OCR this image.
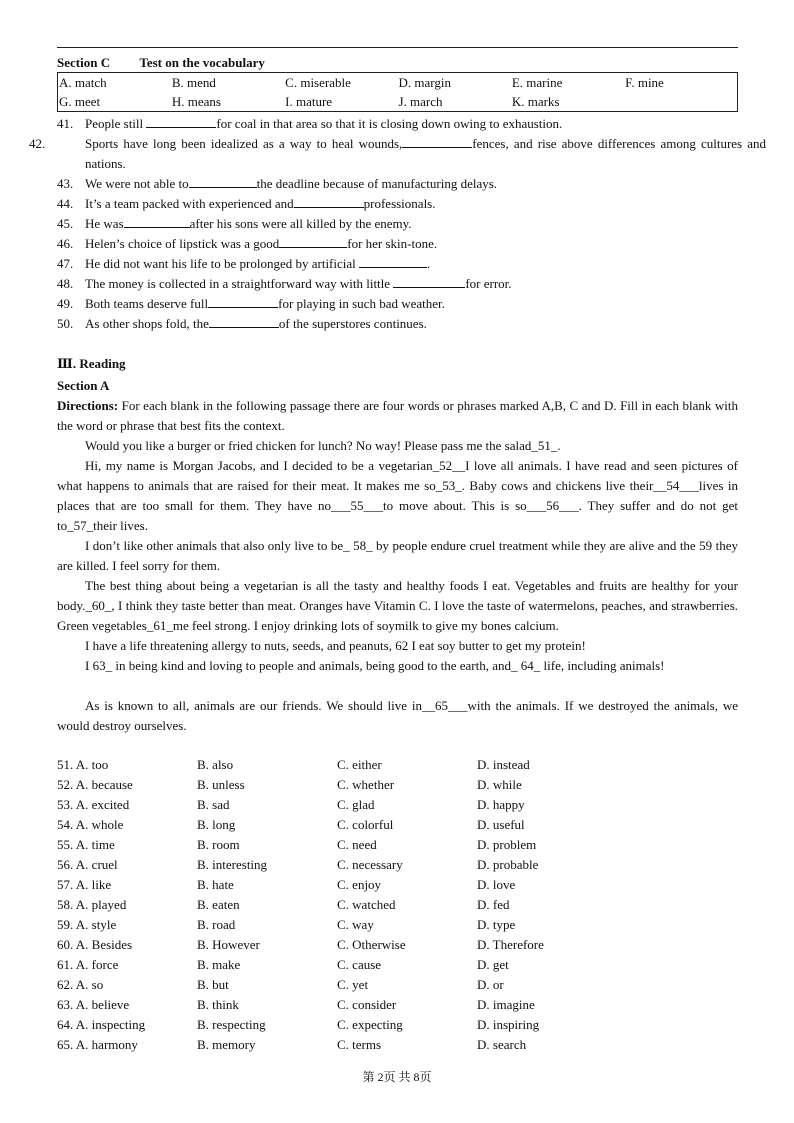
Section C Test on the vocabulary
A. match	B. mend	C. miserable	D. margin	E. marine	F. mine
G. meet	H. means	I. mature	J. march	K. marks	
41. People still	for coal in that area so that it is closing down owing to exhaustion.
42.	Sports have long been idealized as a way to heal wounds,	fences, and rise above differences among cultures and nations.
43. We were not able to	the deadline because of manufacturing delays.
44. It’s a team packed with experienced and	professionals.
45. He was	after his sons were all killed by the enemy.
46. Helen’s choice of lipstick was a good	for her skin-tone.
47. He did not want his life to be prolonged by artificial	.
48. The money is collected in a straightforward way with little	for error.
49. Both teams deserve full	for playing in such bad weather.
50. As other shops fold, the	of the superstores continues.
Ⅲ. Reading
Section A
Directions: For each blank in the following passage there are four words or phrases marked A,B, C and D. Fill in each blank with the word or phrase that best fits the context.
Would you like a burger or fried chicken for lunch? No way! Please pass me the salad_51_.
Hi, my name is Morgan Jacobs, and I decided to be a vegetarian_52__I love all animals. I have read and seen pictures of what happens to animals that are raised for their meat. It makes me so_53_. Baby cows and chickens live their__54___lives in places that are too small for them. They have no___55___to move about. This is so___56___. They suffer and do not get to_57_their lives.
I don’t like other animals that also only live to be_ 58_ by people endure cruel treatment while they are alive and the 59 they are killed. I feel sorry for them.
The best thing about being a vegetarian is all the tasty and healthy foods I eat. Vegetables and fruits are healthy for your body._60_, I think they taste better than meat. Oranges have Vitamin C. I love the taste of watermelons, peaches, and strawberries. Green vegetables_61_me feel strong. I enjoy drinking lots of soymilk to give my bones calcium.
I have a life threatening allergy to nuts, seeds, and peanuts, 62 I eat soy butter to get my protein!
I 63_ in being kind and loving to people and animals, being good to the earth, and_ 64_ life, including animals!
As is known to all, animals are our friends. We should live in__65___with the animals. If we destroyed the animals, we would destroy ourselves.
51. A. too	B. also	C. either	D. instead
52. A. because	B. unless	C. whether	D. while
53. A. excited	B. sad	C. glad	D. happy
54. A. whole	B. long	C. colorful	D. useful
55. A. time	B. room	C. need	D. problem
56. A. cruel	B. interesting	C. necessary	D. probable
57. A. like	B. hate	C. enjoy	D. love
58. A. played	B. eaten	C. watched	D. fed
59. A. style	B. road	C. way	D. type
60. A. Besides	B. However	C. Otherwise	D. Therefore
61. A. force	B. make	C. cause	D. get
62. A. so	B. but	C. yet	D. or
63. A. believe	B. think	C. consider	D. imagine
64. A. inspecting	B. respecting	C. expecting	D. inspiring
65. A. harmony	B. memory	C. terms	D. search
第 2页 共 8页
